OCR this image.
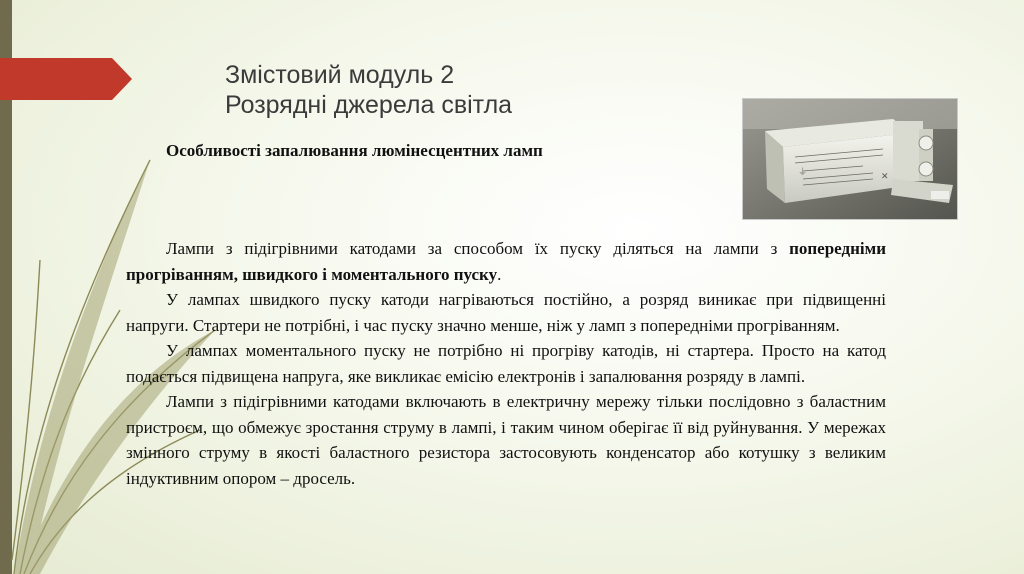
Змістовий модуль 2
Розрядні джерела світла
⏚	✕
Особливості запалювання люмінесцентних ламп

Лампи з підігрівними катодами за способом їх пуску діляться на лампи з попередніми прогріванням, швидкого і моментального пуску.

У лампах швидкого пуску катоди нагріваються постійно, а розряд виникає при підвищенні напруги. Стартери не потрібні, і час пуску значно менше, ніж у ламп з попередніми прогріванням.

У лампах моментального пуску не потрібно ні прогріву катодів, ні стартера. Просто на катод подається підвищена напруга, яке викликає емісію електронів і запалювання розряду в лампі.

Лампи з підігрівними катодами включають в електричну мережу тільки послідовно з баластним пристроєм, що обмежує зростання струму в лампі, і таким чином оберігає її від руйнування. У мережах змінного струму в якості баластного резистора застосовують конденсатор або котушку з великим індуктивним опором – дросель.
